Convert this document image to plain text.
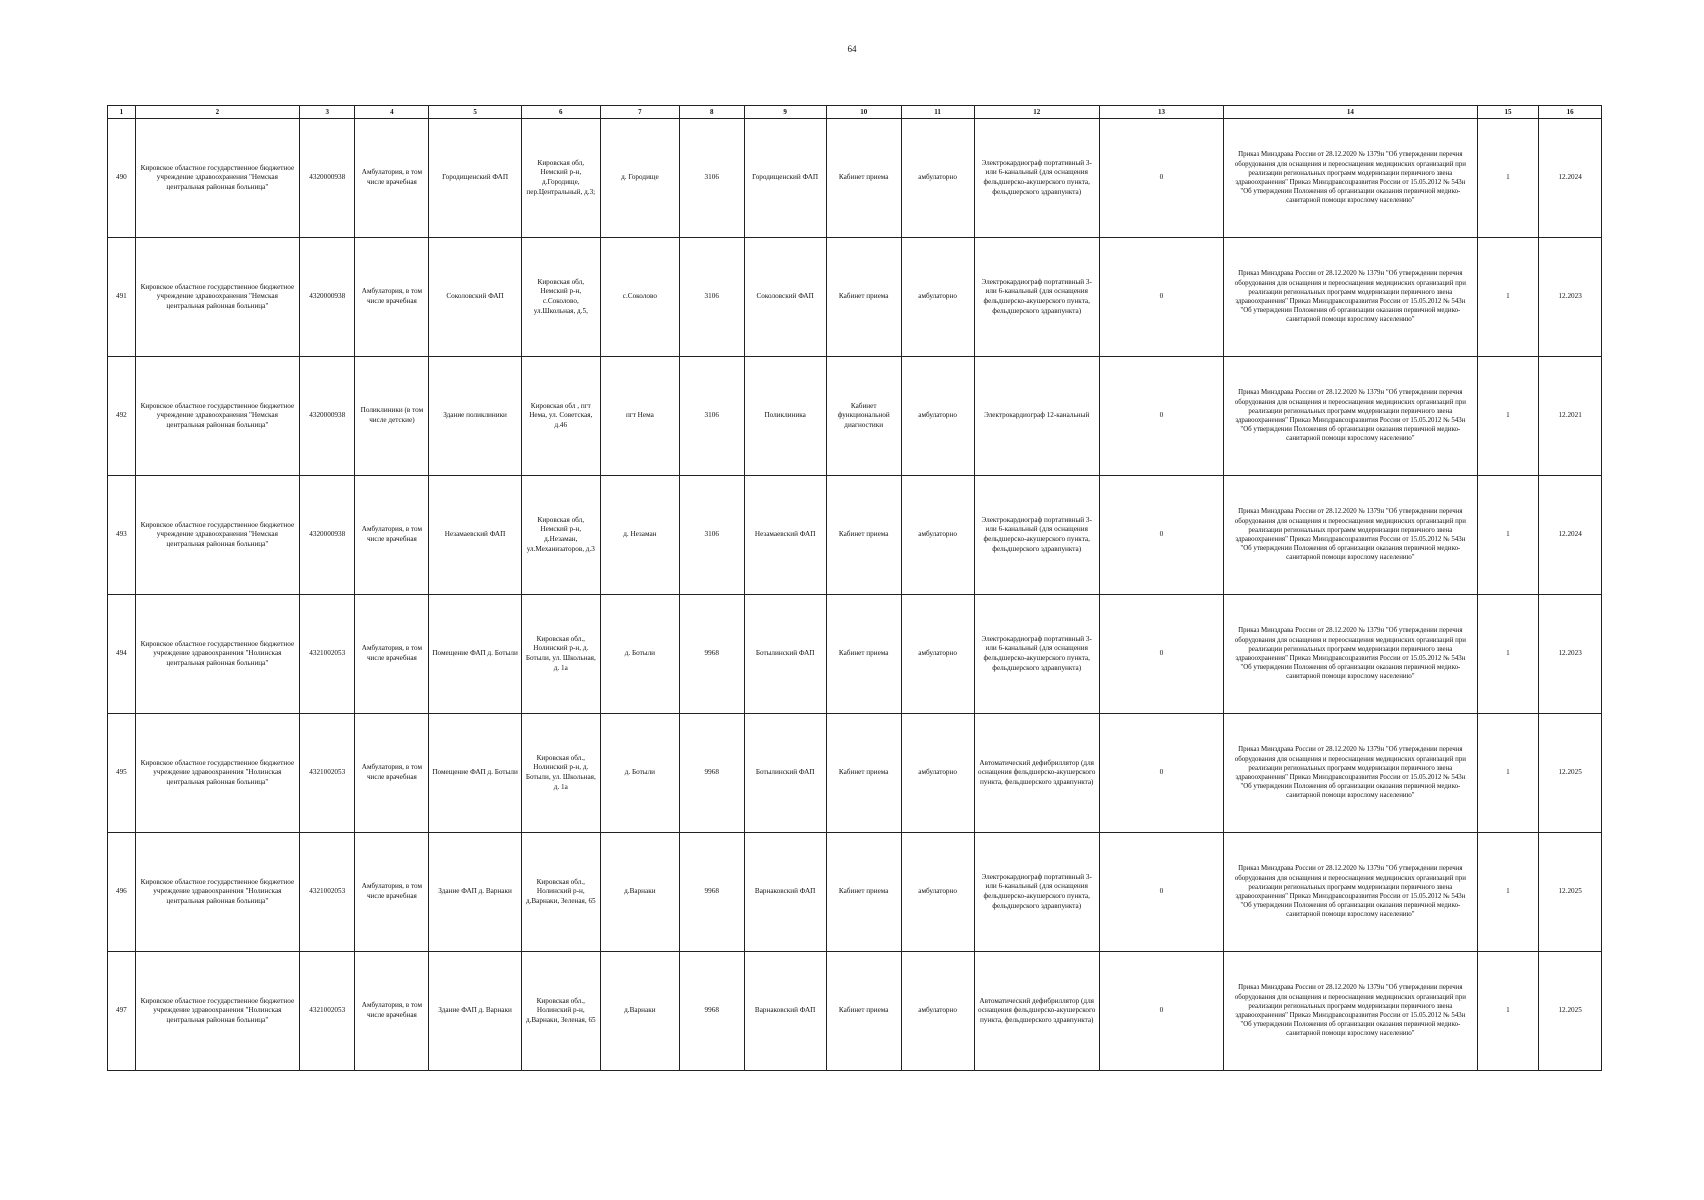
64
1	2	3	4	5	6	7	8	9	10	11	12	13	14	15	16
490	Кировское областное государственное бюджетное учреждение здравоохранения "Немская центральная районная больница"	4320000938	Амбулатория, в том числе врачебная	Городищенский ФАП	Кировская обл, Немский р-н, д.Городище, пер.Центральный, д.3;	д. Городище	3106	Городищенский ФАП	Кабинет приема	амбулаторно	Электрокардиограф портативный 3- или 6-канальный (для оснащения фельдшерско-акушерского пункта, фельдшерского здравпункта)	0	Приказ Минздрава России от 28.12.2020 № 1379н "Об утверждении перечня оборудования для оснащения и переоснащения медицинских организаций при реализации региональных программ модернизации первичного звена здравоохранения" Приказ Минздравсоцразвития России от 15.05.2012 № 543н "Об утверждении Положения об организации оказания первичной медико-санитарной помощи взрослому населению"	1	12.2024
491	Кировское областное государственное бюджетное учреждение здравоохранения "Немская центральная районная больница"	4320000938	Амбулатория, в том числе врачебная	Соколовский ФАП	Кировская обл, Немский р-н, с.Соколово, ул.Школьная, д.5,	с.Соколово	3106	Соколовский ФАП	Кабинет приема	амбулаторно	Электрокардиограф портативный 3- или 6-канальный (для оснащения фельдшерско-акушерского пункта, фельдшерского здравпункта)	0	Приказ Минздрава России от 28.12.2020 № 1379н "Об утверждении перечня оборудования для оснащения и переоснащения медицинских организаций при реализации региональных программ модернизации первичного звена здравоохранения" Приказ Минздравсоцразвития России от 15.05.2012 № 543н "Об утверждении Положения об организации оказания первичной медико-санитарной помощи взрослому населению"	1	12.2023
492	Кировское областное государственное бюджетное учреждение здравоохранения "Немская центральная районная больница"	4320000938	Поликлиники (в том числе детские)	Здание поликлиники	Кировская обл , пгт Нема, ул. Советская, д.46	пгт Нема	3106	Поликлиника	Кабинет функциональной диагностики	амбулаторно	Электрокардиограф 12-канальный	0	Приказ Минздрава России от 28.12.2020 № 1379н "Об утверждении перечня оборудования для оснащения и переоснащения медицинских организаций при реализации региональных программ модернизации первичного звена здравоохранения" Приказ Минздравсоцразвития России от 15.05.2012 № 543н "Об утверждении Положения об организации оказания первичной медико-санитарной помощи взрослому населению"	1	12.2021
493	Кировское областное государственное бюджетное учреждение здравоохранения "Немская центральная районная больница"	4320000938	Амбулатория, в том числе врачебная	Незамаевский ФАП	Кировская обл, Немский р-н, д.Незаман, ул.Механизаторов, д.3	д. Незаман	3106	Незамаевский ФАП	Кабинет приема	амбулаторно	Электрокардиограф портативный 3- или 6-канальный (для оснащения фельдшерско-акушерского пункта, фельдшерского здравпункта)	0	Приказ Минздрава России от 28.12.2020 № 1379н "Об утверждении перечня оборудования для оснащения и переоснащения медицинских организаций при реализации региональных программ модернизации первичного звена здравоохранения" Приказ Минздравсоцразвития России от 15.05.2012 № 543н "Об утверждении Положения об организации оказания первичной медико-санитарной помощи взрослому населению"	1	12.2024
494	Кировское областное государственное бюджетное учреждение здравоохранения "Нолинская центральная районная больница"	4321002053	Амбулатория, в том числе врачебная	Помещение ФАП д. Ботыли	Кировская обл., Нолинский р-н, д. Ботыли, ул. Школьная, д. 1а	д. Ботыли	9968	Ботылинский ФАП	Кабинет приема	амбулаторно	Электрокардиограф портативный 3- или 6-канальный (для оснащения фельдшерско-акушерского пункта, фельдшерского здравпункта)	0	Приказ Минздрава России от 28.12.2020 № 1379н "Об утверждении перечня оборудования для оснащения и переоснащения медицинских организаций при реализации региональных программ модернизации первичного звена здравоохранения" Приказ Минздравсоцразвития России от 15.05.2012 № 543н "Об утверждении Положения об организации оказания первичной медико-санитарной помощи взрослому населению"	1	12.2023
495	Кировское областное государственное бюджетное учреждение здравоохранения "Нолинская центральная районная больница"	4321002053	Амбулатория, в том числе врачебная	Помещение ФАП д. Ботыли	Кировская обл., Нолинский р-н, д. Ботыли, ул. Школьная, д. 1а	д. Ботыли	9968	Ботылинский ФАП	Кабинет приема	амбулаторно	Автоматический дефибриллятор (для оснащения фельдшерско-акушерского пункта, фельдшерского здравпункта)	0	Приказ Минздрава России от 28.12.2020 № 1379н "Об утверждении перечня оборудования для оснащения и переоснащения медицинских организаций при реализации региональных программ модернизации первичного звена здравоохранения" Приказ Минздравсоцразвития России от 15.05.2012 № 543н "Об утверждении Положения об организации оказания первичной медико-санитарной помощи взрослому населению"	1	12.2025
496	Кировское областное государственное бюджетное учреждение здравоохранения "Нолинская центральная районная больница"	4321002053	Амбулатория, в том числе врачебная	Здание ФАП д. Варнаки	Кировская обл., Нолинский р-н, д.Варнаки, Зеленая, 65	д.Варнаки	9968	Варнаковский ФАП	Кабинет приема	амбулаторно	Электрокардиограф портативный 3- или 6-канальный (для оснащения фельдшерско-акушерского пункта, фельдшерского здравпункта)	0	Приказ Минздрава России от 28.12.2020 № 1379н "Об утверждении перечня оборудования для оснащения и переоснащения медицинских организаций при реализации региональных программ модернизации первичного звена здравоохранения" Приказ Минздравсоцразвития России от 15.05.2012 № 543н "Об утверждении Положения об организации оказания первичной медико-санитарной помощи взрослому населению"	1	12.2025
497	Кировское областное государственное бюджетное учреждение здравоохранения "Нолинская центральная районная больница"	4321002053	Амбулатория, в том числе врачебная	Здание ФАП д. Варнаки	Кировская обл., Нолинский р-н, д.Варнаки, Зеленая, 65	д.Варнаки	9968	Варнаковский ФАП	Кабинет приема	амбулаторно	Автоматический дефибриллятор (для оснащения фельдшерско-акушерского пункта, фельдшерского здравпункта)	0	Приказ Минздрава России от 28.12.2020 № 1379н "Об утверждении перечня оборудования для оснащения и переоснащения медицинских организаций при реализации региональных программ модернизации первичного звена здравоохранения" Приказ Минздравсоцразвития России от 15.05.2012 № 543н "Об утверждении Положения об организации оказания первичной медико-санитарной помощи взрослому населению"	1	12.2025
